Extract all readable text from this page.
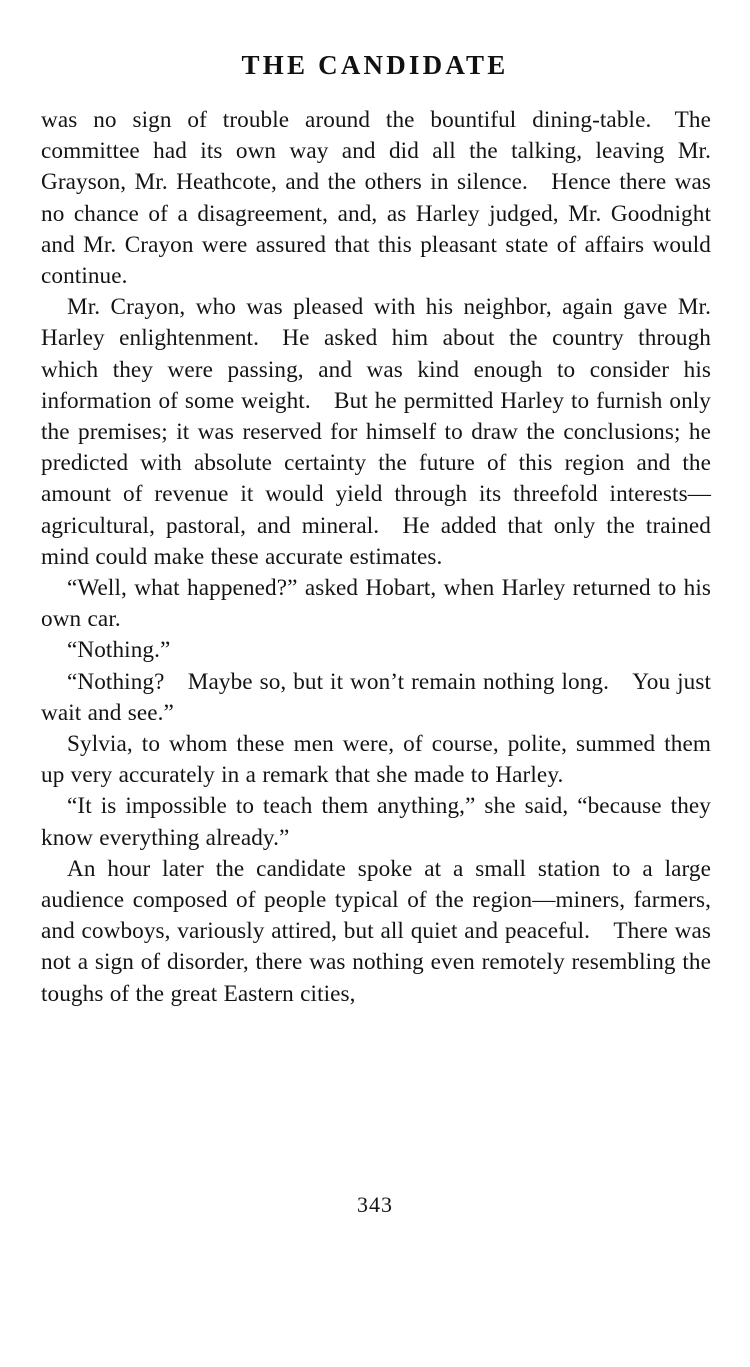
THE CANDIDATE

was no sign of trouble around the bountiful dining-table. The committee had its own way and did all the talking, leaving Mr. Grayson, Mr. Heathcote, and the others in silence. Hence there was no chance of a disagreement, and, as Harley judged, Mr. Goodnight and Mr. Crayon were assured that this pleasant state of affairs would continue.

Mr. Crayon, who was pleased with his neighbor, again gave Mr. Harley enlightenment. He asked him about the country through which they were passing, and was kind enough to consider his information of some weight. But he permitted Harley to furnish only the premises; it was reserved for himself to draw the conclusions; he predicted with absolute certainty the future of this region and the amount of revenue it would yield through its threefold interests—agricultural, pastoral, and mineral. He added that only the trained mind could make these accurate estimates.

“Well, what happened?” asked Hobart, when Harley returned to his own car.

“Nothing.”

“Nothing? Maybe so, but it won’t remain nothing long. You just wait and see.”

Sylvia, to whom these men were, of course, polite, summed them up very accurately in a remark that she made to Harley.

“It is impossible to teach them anything,” she said, “because they know everything already.”

An hour later the candidate spoke at a small station to a large audience composed of people typical of the region—miners, farmers, and cowboys, variously attired, but all quiet and peaceful. There was not a sign of disorder, there was nothing even remotely resembling the toughs of the great Eastern cities,

343
